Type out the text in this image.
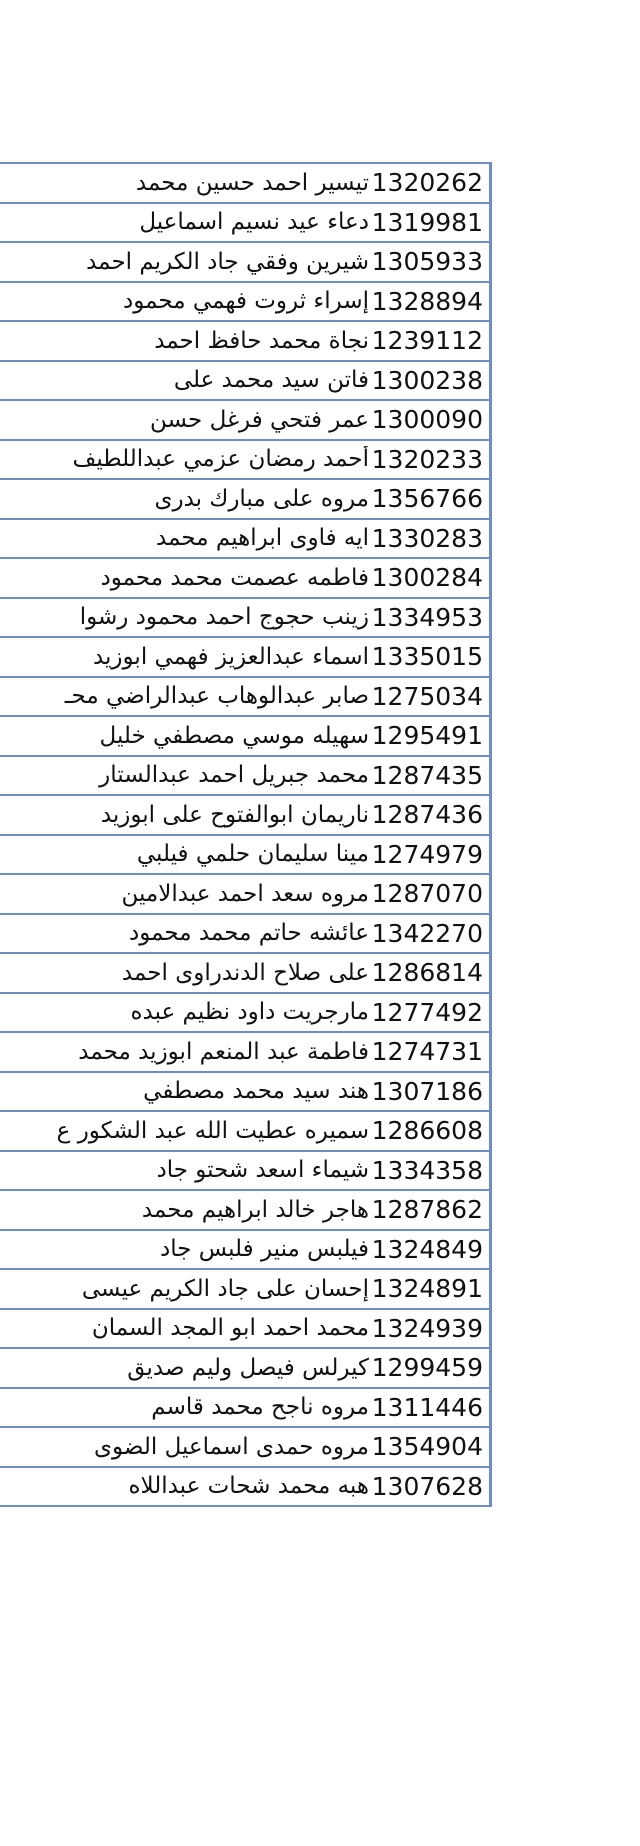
1320262
تيسير احمد حسين محمد
1319981
دعاء عيد نسيم اسماعيل
1305933
شيرين وفقي جاد الكريم احمد
1328894
إسراء ثروت فهمي محمود
1239112
نجاة محمد حافظ احمد
1300238
فاتن سيد محمد على
1300090
عمر فتحي فرغل حسن
1320233
أحمد رمضان عزمي عبداللطيف
1356766
مروه على مبارك بدرى
1330283
ايه فاوى ابراهيم محمد
1300284
فاطمه عصمت محمد محمود
1334953
زينب حجوج احمد محمود رشوا
1335015
اسماء عبدالعزيز فهمي ابوزيد
1275034
صابر عبدالوهاب عبدالراضي محـ
1295491
سهيله موسي مصطفي خليل
1287435
محمد جبريل احمد عبدالستار
1287436
ناريمان ابوالفتوح على ابوزيد
1274979
مينا سليمان حلمي فيلبي
1287070
مروه سعد احمد عبدالامين
1342270
عائشه حاتم محمد محمود
1286814
على صلاح الدندراوى احمد
1277492
مارجريت داود نظيم عبده
1274731
فاطمة عبد المنعم ابوزيد محمد
1307186
هند سيد محمد مصطفي
1286608
سميره عطيت الله عبد الشكور ع
1334358
شيماء اسعد شحتو جاد
1287862
هاجر خالد ابراهيم محمد
1324849
فيلبس منير فلبس جاد
1324891
إحسان على جاد الكريم عيسى
1324939
محمد احمد ابو المجد السمان
1299459
كيرلس فيصل وليم صديق
1311446
مروه ناجح محمد قاسم
1354904
مروه حمدى اسماعيل الضوى
1307628
هبه محمد شحات عبداللاه
